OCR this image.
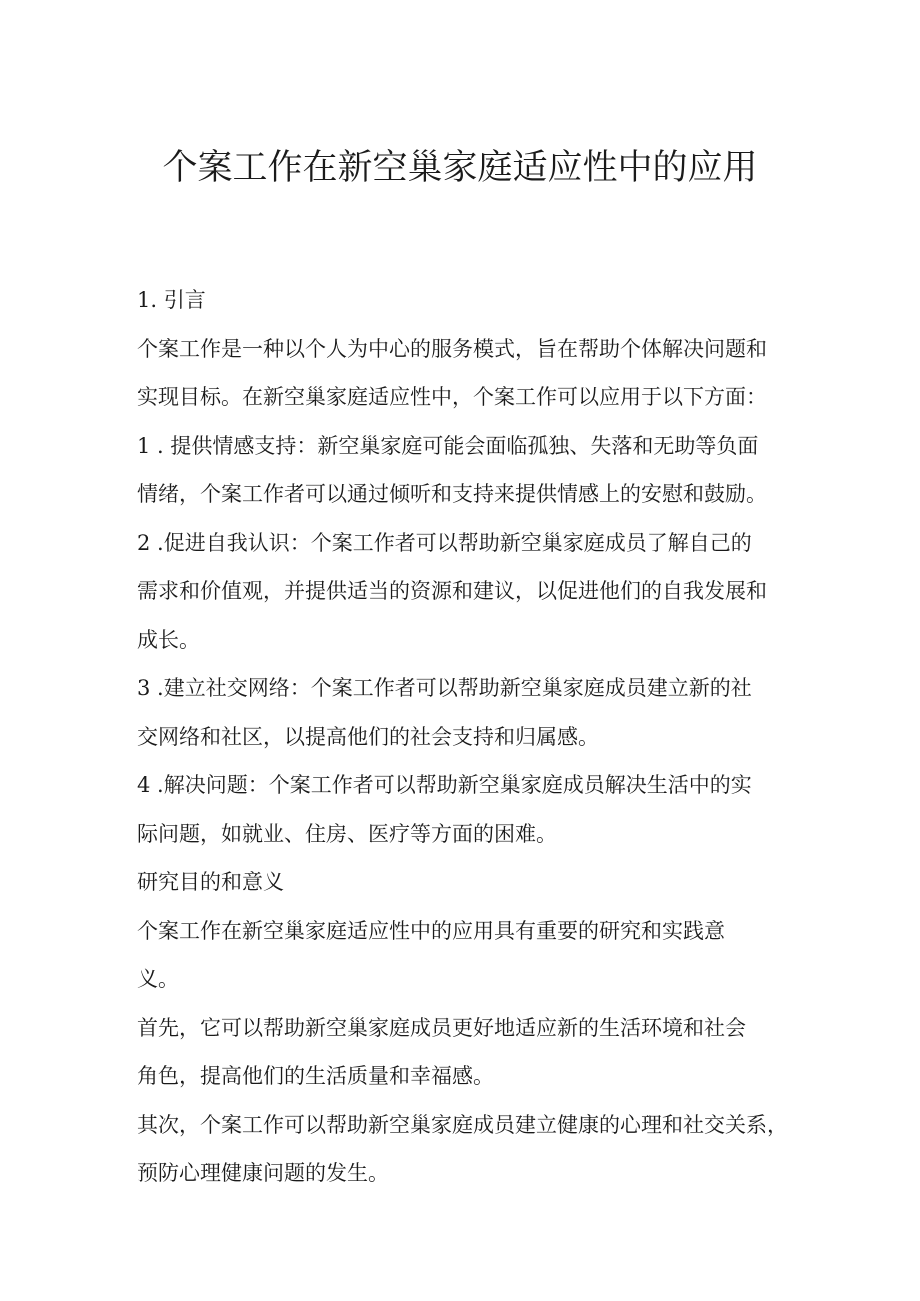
个案工作在新空巢家庭适应性中的应用

1. 引言

个案工作是一种以个人为中心的服务模式，旨在帮助个体解决问题和

实现目标。在新空巢家庭适应性中，个案工作可以应用于以下方面：

1 . 提供情感支持：新空巢家庭可能会面临孤独、失落和无助等负面

情绪，个案工作者可以通过倾听和支持来提供情感上的安慰和鼓励。

2 .促进自我认识：个案工作者可以帮助新空巢家庭成员了解自己的

需求和价值观，并提供适当的资源和建议，以促进他们的自我发展和

成长。

3 .建立社交网络：个案工作者可以帮助新空巢家庭成员建立新的社

交网络和社区，以提高他们的社会支持和归属感。

4 .解决问题：个案工作者可以帮助新空巢家庭成员解决生活中的实

际问题，如就业、住房、医疗等方面的困难。

研究目的和意义

个案工作在新空巢家庭适应性中的应用具有重要的研究和实践意

义。

首先，它可以帮助新空巢家庭成员更好地适应新的生活环境和社会

角色，提高他们的生活质量和幸福感。

其次，个案工作可以帮助新空巢家庭成员建立健康的心理和社交关系，

预防心理健康问题的发生。
